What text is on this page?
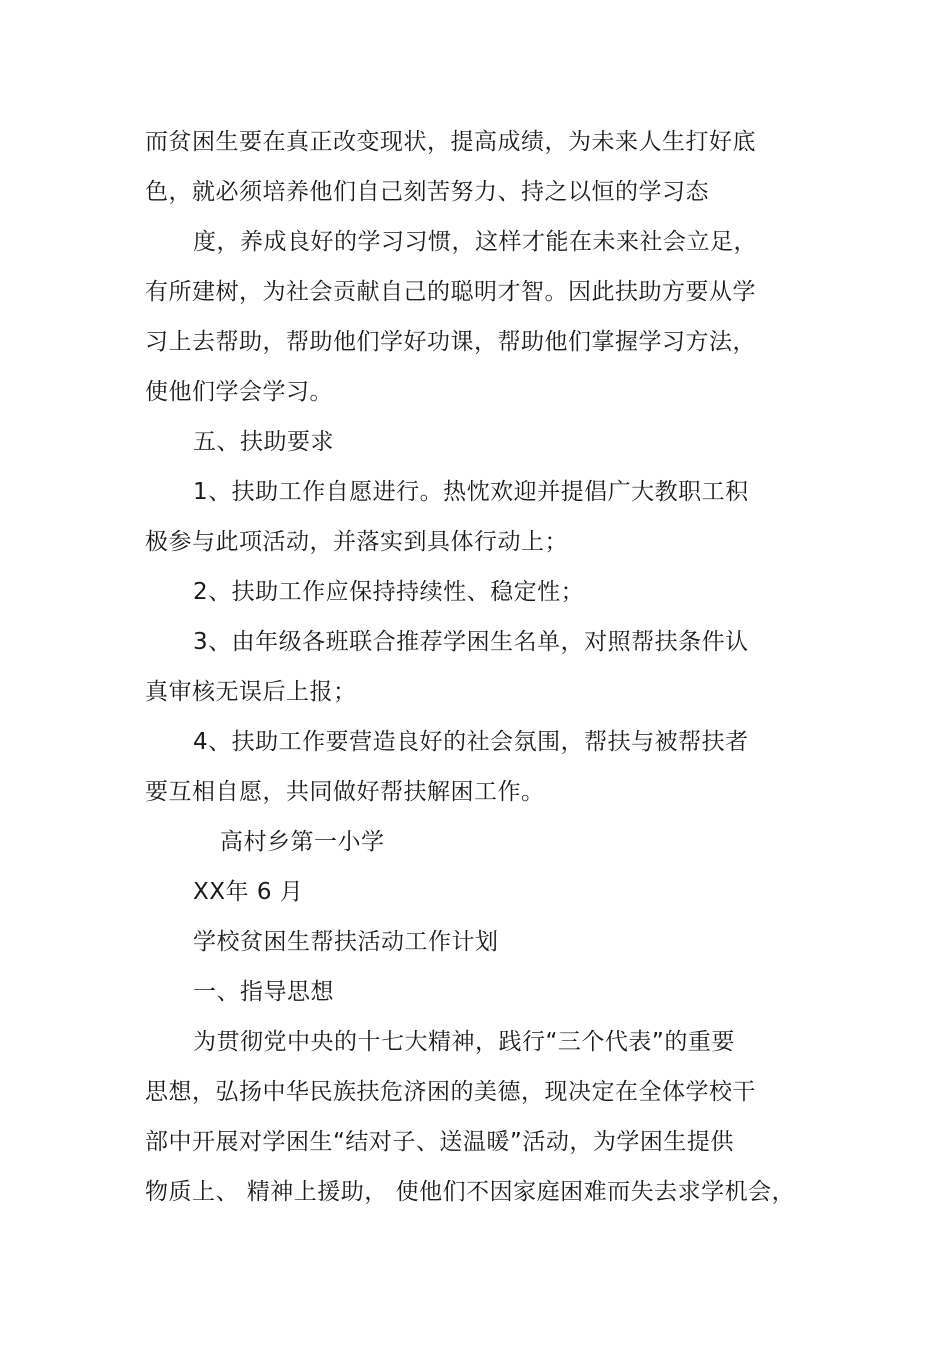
而贫困生要在真正改变现状，提高成绩，为未来人生打好底
色，就必须培养他们自己刻苦努力、持之以恒的学习态
度，养成良好的学习习惯，这样才能在未来社会立足，
有所建树，为社会贡献自己的聪明才智。因此扶助方要从学
习上去帮助，帮助他们学好功课，帮助他们掌握学习方法，
使他们学会学习。
五、扶助要求
1、扶助工作自愿进行。热忱欢迎并提倡广大教职工积
极参与此项活动，并落实到具体行动上；
2、扶助工作应保持持续性、稳定性；
3、由年级各班联合推荐学困生名单，对照帮扶条件认
真审核无误后上报；
4、扶助工作要营造良好的社会氛围，帮扶与被帮扶者
要互相自愿，共同做好帮扶解困工作。
高村乡第一小学
XX年 6 月
学校贫困生帮扶活动工作计划
一、指导思想
为贯彻党中央的十七大精神，践行“三个代表”的重要
思想，弘扬中华民族扶危济困的美德，现决定在全体学校干
部中开展对学困生“结对子、送温暖”活动，为学困生提供
物质上、 精神上援助， 使他们不因家庭困难而失去求学机会，
